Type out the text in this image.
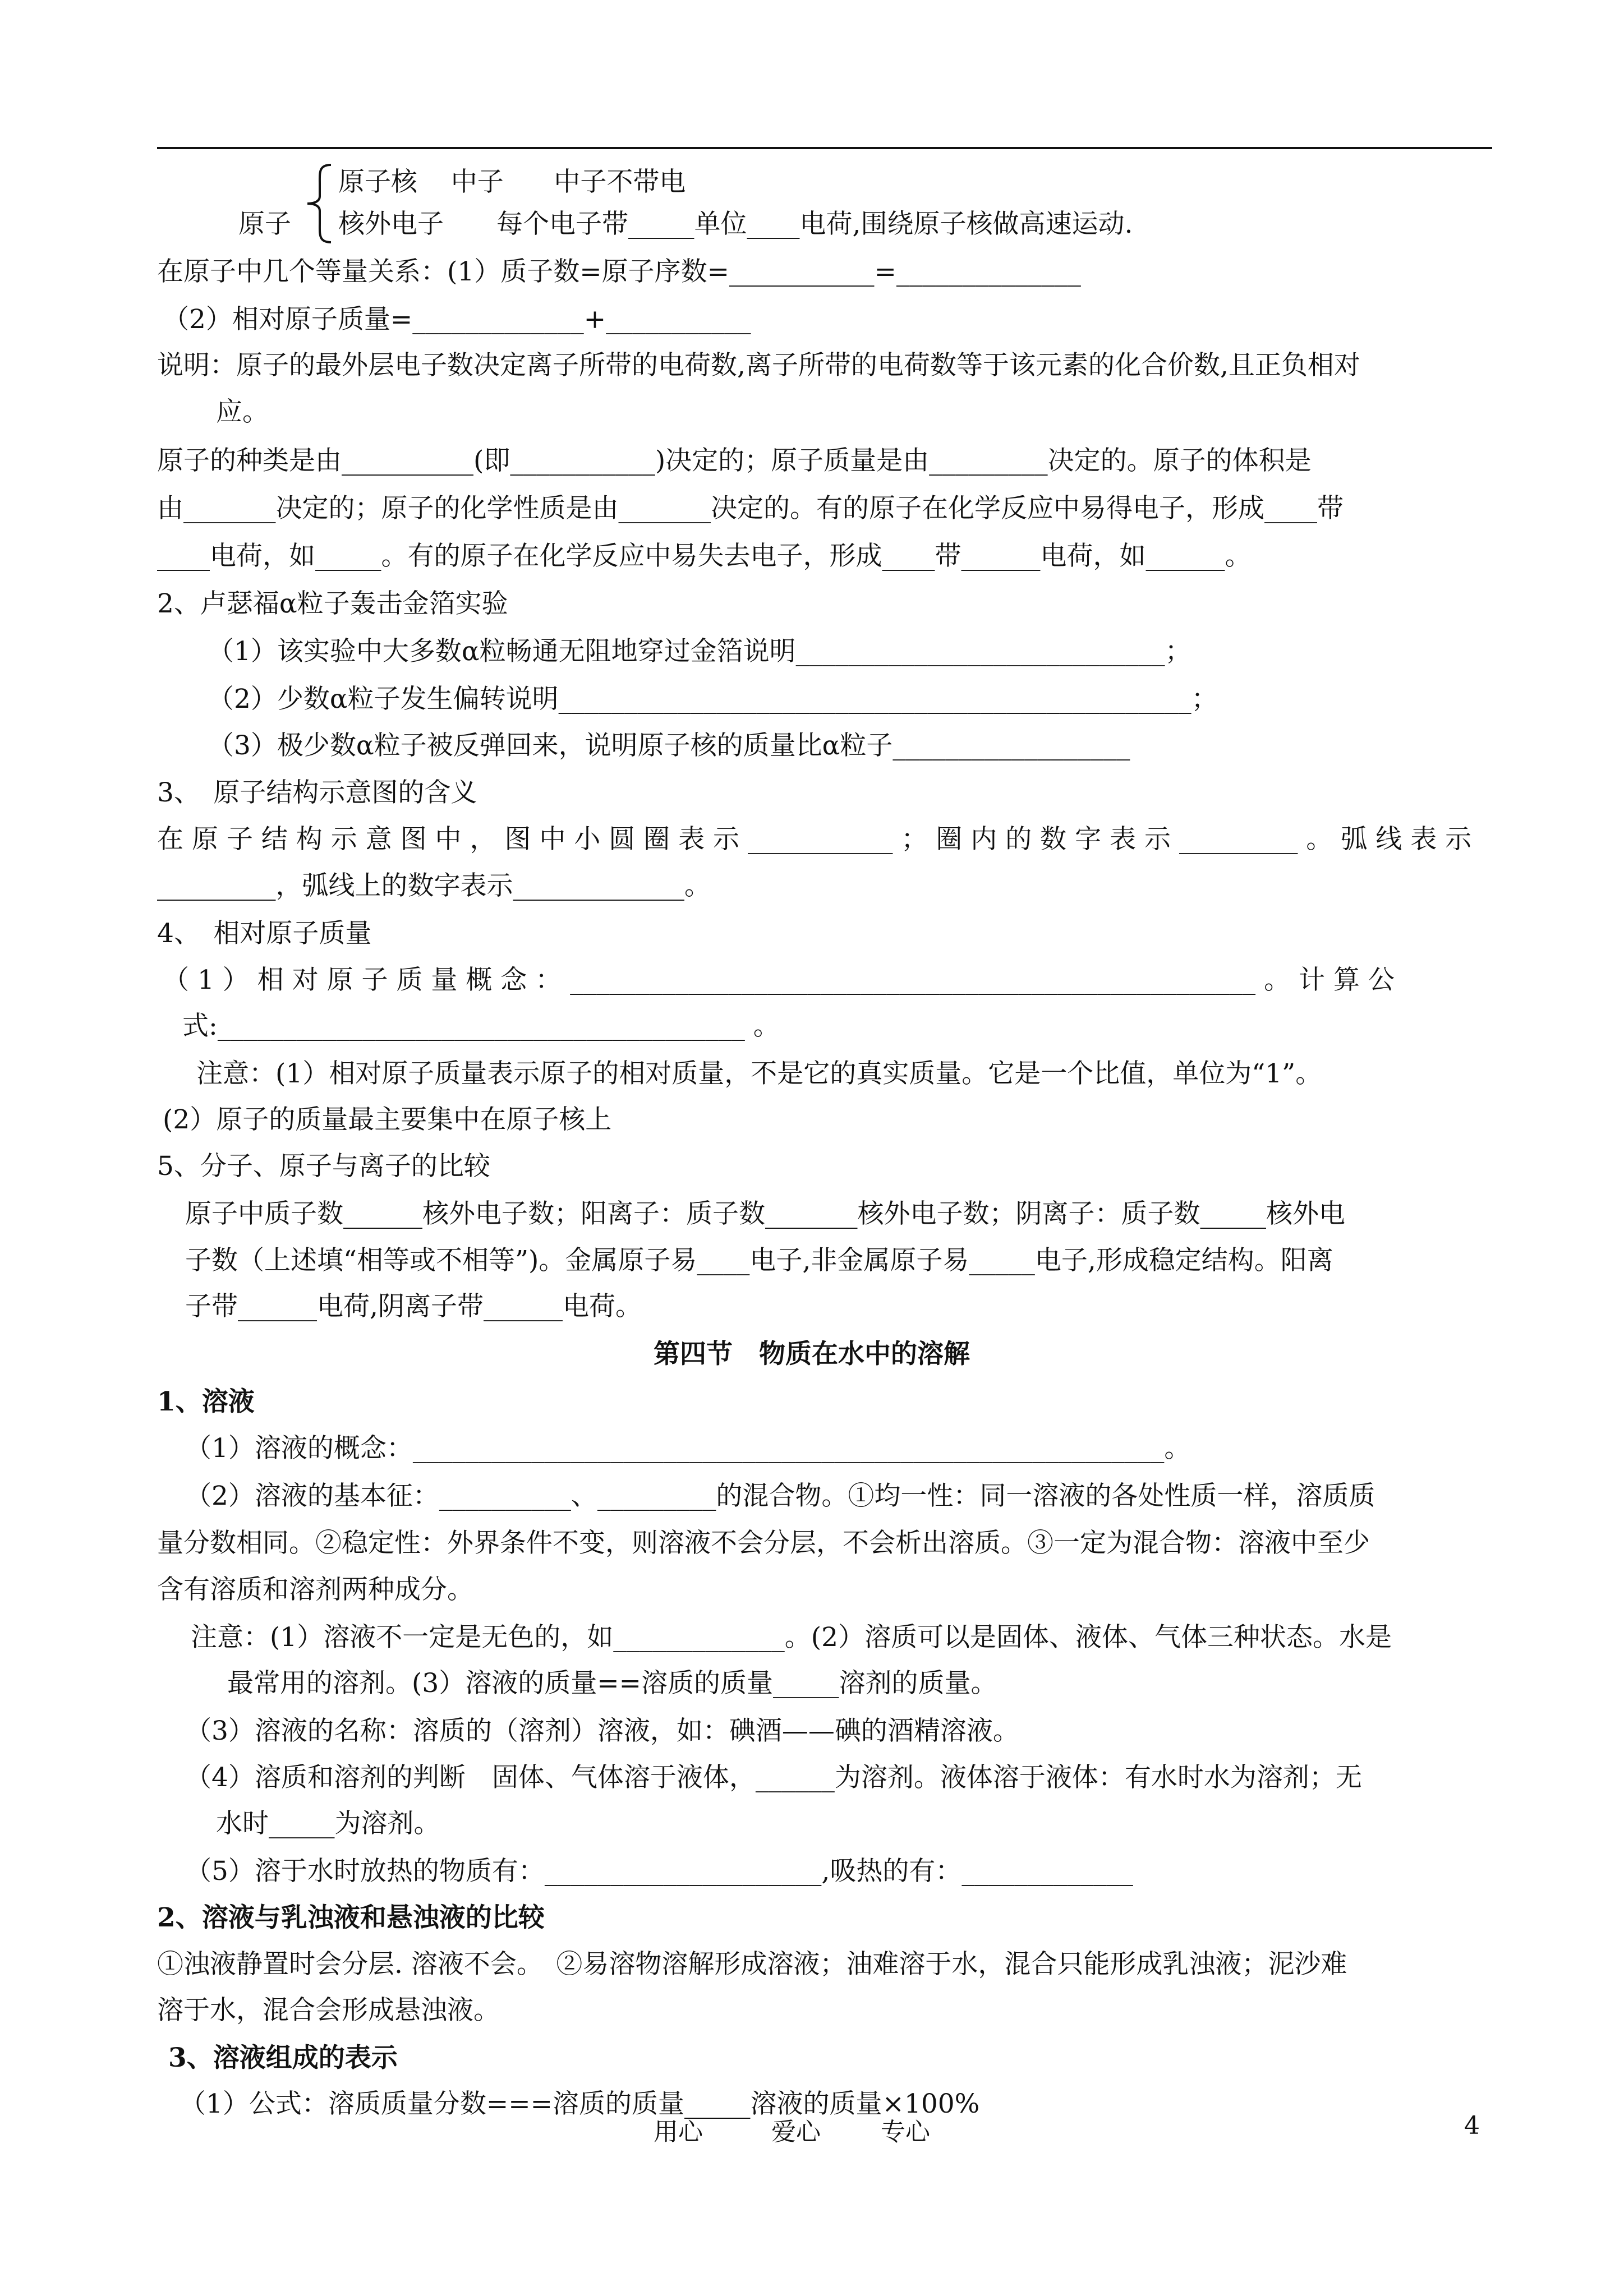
原子核 中子 中子不带电
原子 核外电子　　每个电子带_____单位____电荷,围绕原子核做高速运动.
在原子中几个等量关系：(1）质子数=原子序数=___________=______________
（2）相对原子质量=_____________+___________
说明：原子的最外层电子数决定离子所带的电荷数,离子所带的电荷数等于该元素的化合价数,且正负相对
应。
原子的种类是由__________(即___________)决定的；原子质量是由_________决定的。原子的体积是
由_______决定的；原子的化学性质是由_______决定的。有的原子在化学反应中易得电子，形成____带
____电荷，如_____。有的原子在化学反应中易失去电子，形成____带______电荷，如______。
2、卢瑟福α粒子轰击金箔实验
（1）该实验中大多数α粒畅通无阻地穿过金箔说明____________________________；
（2）少数α粒子发生偏转说明________________________________________________；
（3）极少数α粒子被反弹回来，说明原子核的质量比α粒子__________________
3、　原子结构示意图的含义
在 原 子 结 构 示 意 图 中 ， 图 中 小 圆 圈 表 示 ___________ ； 圈 内 的 数 字 表 示 _________ 。 弧 线 表 示
_________，弧线上的数字表示_____________。
4、　相对原子质量
（ 1 ） 相 对 原 子 质 量 概 念 ： ____________________________________________________ 。 计 算 公
式:________________________________________ 。
注意：(1）相对原子质量表示原子的相对质量，不是它的真实质量。它是一个比值，单位为“1”。
(2）原子的质量最主要集中在原子核上
5、分子、原子与离子的比较
原子中质子数______核外电子数；阳离子：质子数_______核外电子数；阴离子：质子数_____核外电
子数（上述填“相等或不相等”)。金属原子易____电子,非金属原子易_____电子,形成稳定结构。阳离
子带______电荷,阴离子带______电荷。
第四节　物质在水中的溶解
1、溶液
（1）溶液的概念：_________________________________________________________。
（2）溶液的基本征：__________、_________的混合物。①均一性：同一溶液的各处性质一样，溶质质
量分数相同。②稳定性：外界条件不变，则溶液不会分层，不会析出溶质。③一定为混合物：溶液中至少
含有溶质和溶剂两种成分。
注意：(1）溶液不一定是无色的，如_____________。(2）溶质可以是固体、液体、气体三种状态。水是
最常用的溶剂。(3）溶液的质量==溶质的质量_____溶剂的质量。
（3）溶液的名称：溶质的（溶剂）溶液，如：碘酒——碘的酒精溶液。
（4）溶质和溶剂的判断　固体、气体溶于液体，______为溶剂。液体溶于液体：有水时水为溶剂；无
水时_____为溶剂。
（5）溶于水时放热的物质有：_____________________,吸热的有：_____________
2、溶液与乳浊液和悬浊液的比较
①浊液静置时会分层. 溶液不会。　②易溶物溶解形成溶液；油难溶于水，混合只能形成乳浊液；泥沙难
溶于水，混合会形成悬浊液。
3、溶液组成的表示
（1）公式：溶质质量分数===溶质的质量_____溶液的质量×100%
用心	爱心 专心	4
